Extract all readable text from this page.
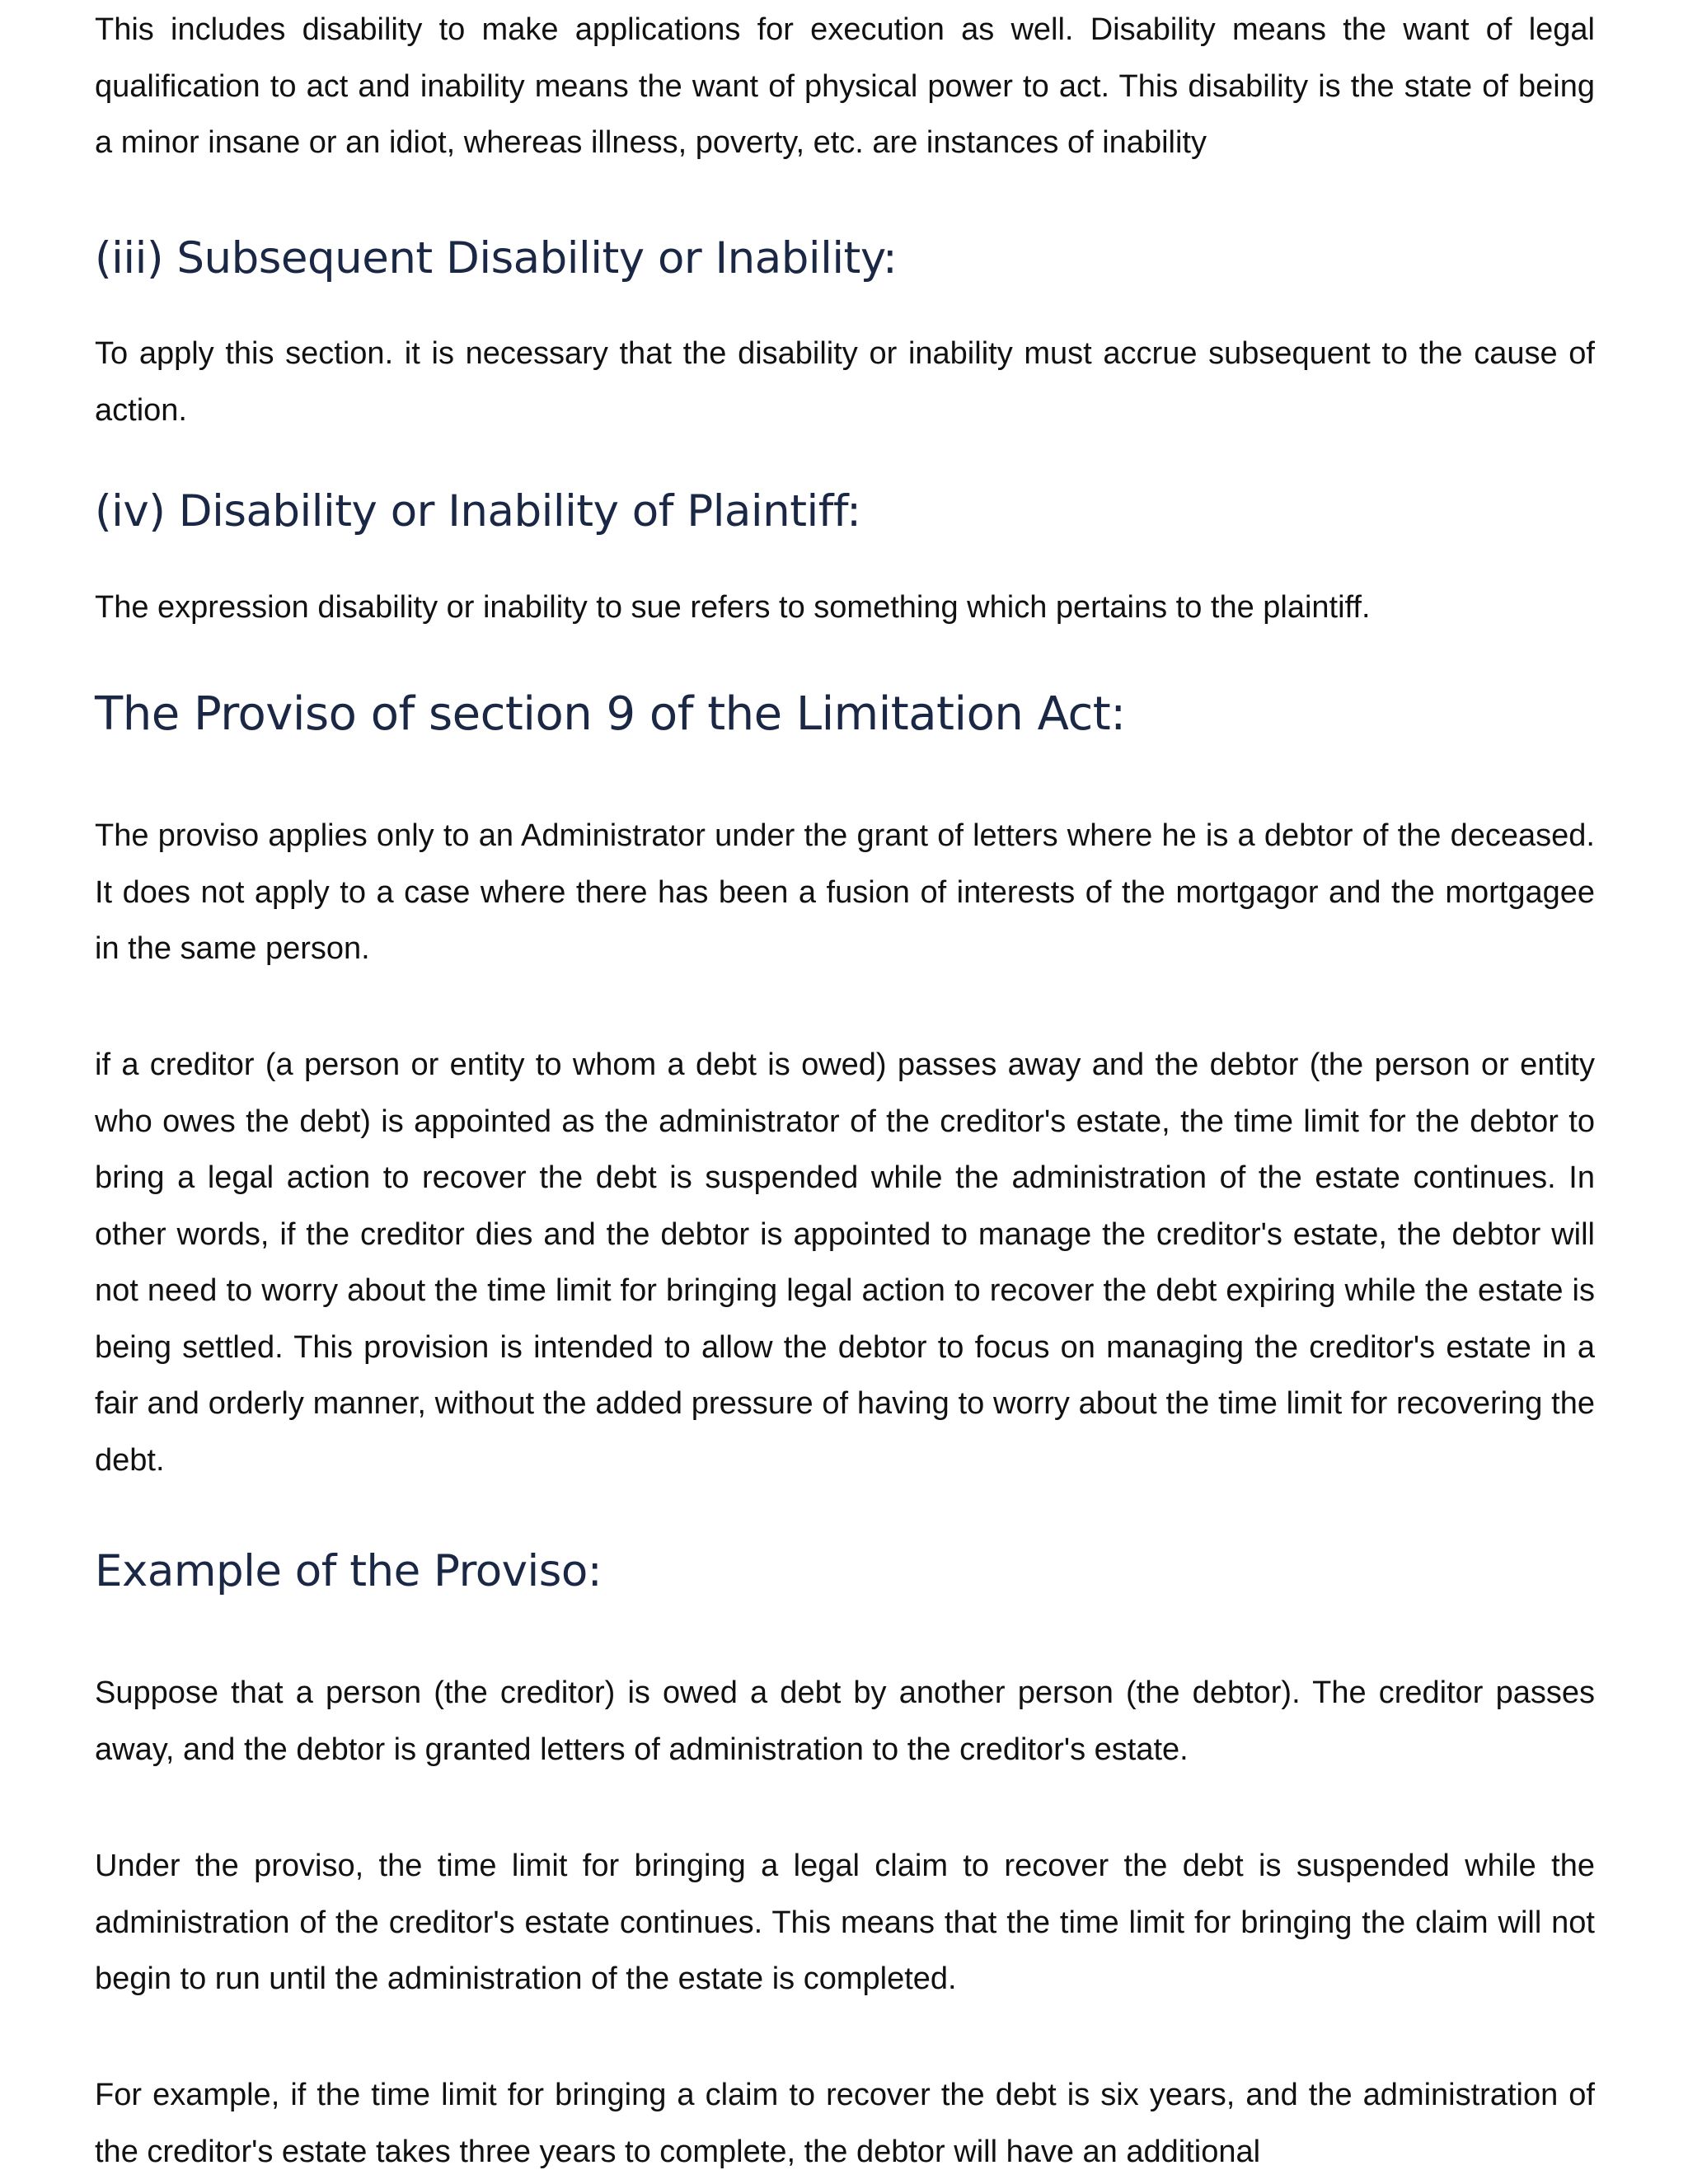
This includes disability to make applications for execution as well. Disability means the want of legal qualification to act and inability means the want of physical power to act. This disability is the state of being a minor insane or an idiot, whereas illness, poverty, etc. are instances of inability

(iii) Subsequent Disability or Inability:

To apply this section. it is necessary that the disability or inability must accrue subsequent to the cause of action.

(iv) Disability or Inability of Plaintiff:

The expression disability or inability to sue refers to something which pertains to the plaintiff.

The Proviso of section 9 of the Limitation Act:

The proviso applies only to an Administrator under the grant of letters where he is a debtor of the deceased. It does not apply to a case where there has been a fusion of interests of the mortgagor and the mortgagee in the same person.

if a creditor (a person or entity to whom a debt is owed) passes away and the debtor (the person or entity who owes the debt) is appointed as the administrator of the creditor's estate, the time limit for the debtor to bring a legal action to recover the debt is suspended while the administration of the estate continues. In other words, if the creditor dies and the debtor is appointed to manage the creditor's estate, the debtor will not need to worry about the time limit for bringing legal action to recover the debt expiring while the estate is being settled. This provision is intended to allow the debtor to focus on managing the creditor's estate in a fair and orderly manner, without the added pressure of having to worry about the time limit for recovering the debt.

Example of the Proviso:

Suppose that a person (the creditor) is owed a debt by another person (the debtor). The creditor passes away, and the debtor is granted letters of administration to the creditor's estate.

Under the proviso, the time limit for bringing a legal claim to recover the debt is suspended while the administration of the creditor's estate continues. This means that the time limit for bringing the claim will not begin to run until the administration of the estate is completed.

For example, if the time limit for bringing a claim to recover the debt is six years, and the administration of the creditor's estate takes three years to complete, the debtor will have an additional
